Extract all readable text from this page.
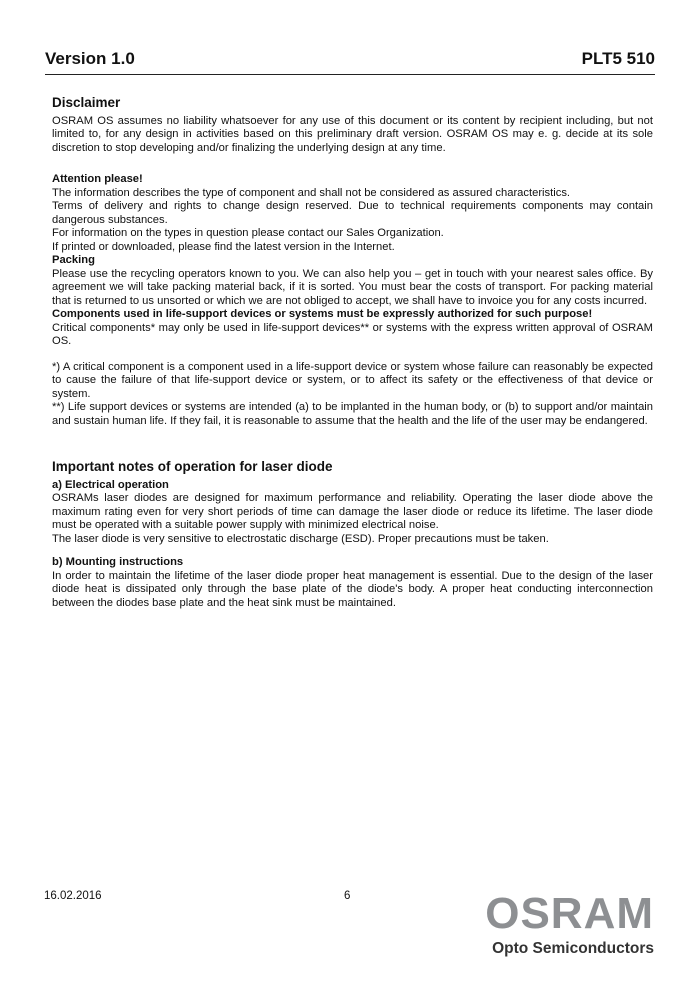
Version 1.0	PLT5 510
Disclaimer

OSRAM OS assumes no liability whatsoever for any use of this document or its content by recipient including, but not limited to, for any design in activities based on this preliminary draft version. OSRAM OS may e. g. decide at its sole discretion to stop developing and/or finalizing the underlying design at any time.

Attention please!

The information describes the type of component and shall not be considered as assured characteristics.

Terms of delivery and rights to change design reserved. Due to technical requirements components may contain dangerous substances.

For information on the types in question please contact our Sales Organization.

If printed or downloaded, please find the latest version in the Internet.

Packing

Please use the recycling operators known to you. We can also help you – get in touch with your nearest sales office. By agreement we will take packing material back, if it is sorted. You must bear the costs of transport. For packing material that is returned to us unsorted or which we are not obliged to accept, we shall have to invoice you for any costs incurred.

Components used in life-support devices or systems must be expressly authorized for such purpose!

Critical components* may only be used in life-support devices** or systems with the express written approval of OSRAM OS.

*) A critical component is a component used in a life-support device or system whose failure can reasonably be expected to cause the failure of that life-support device or system, or to affect its safety or the effectiveness of that device or system.

**) Life support devices or systems are intended (a) to be implanted in the human body, or (b) to support and/or maintain and sustain human life. If they fail, it is reasonable to assume that the health and the life of the user may be endangered.

Important notes of operation for laser diode

a) Electrical operation

OSRAMs laser diodes are designed for maximum performance and reliability. Operating the laser diode above the maximum rating even for very short periods of time can damage the laser diode or reduce its lifetime. The laser diode must be operated with a suitable power supply with minimized electrical noise.

The laser diode is very sensitive to electrostatic discharge (ESD). Proper precautions must be taken.

b) Mounting instructions

In order to maintain the lifetime of the laser diode proper heat management is essential. Due to the design of the laser diode heat is dissipated only through the base plate of the diode's body. A proper heat conducting interconnection between the diodes base plate and the heat sink must be maintained.

16.02.2016	6	OSRAM
Opto Semiconductors
